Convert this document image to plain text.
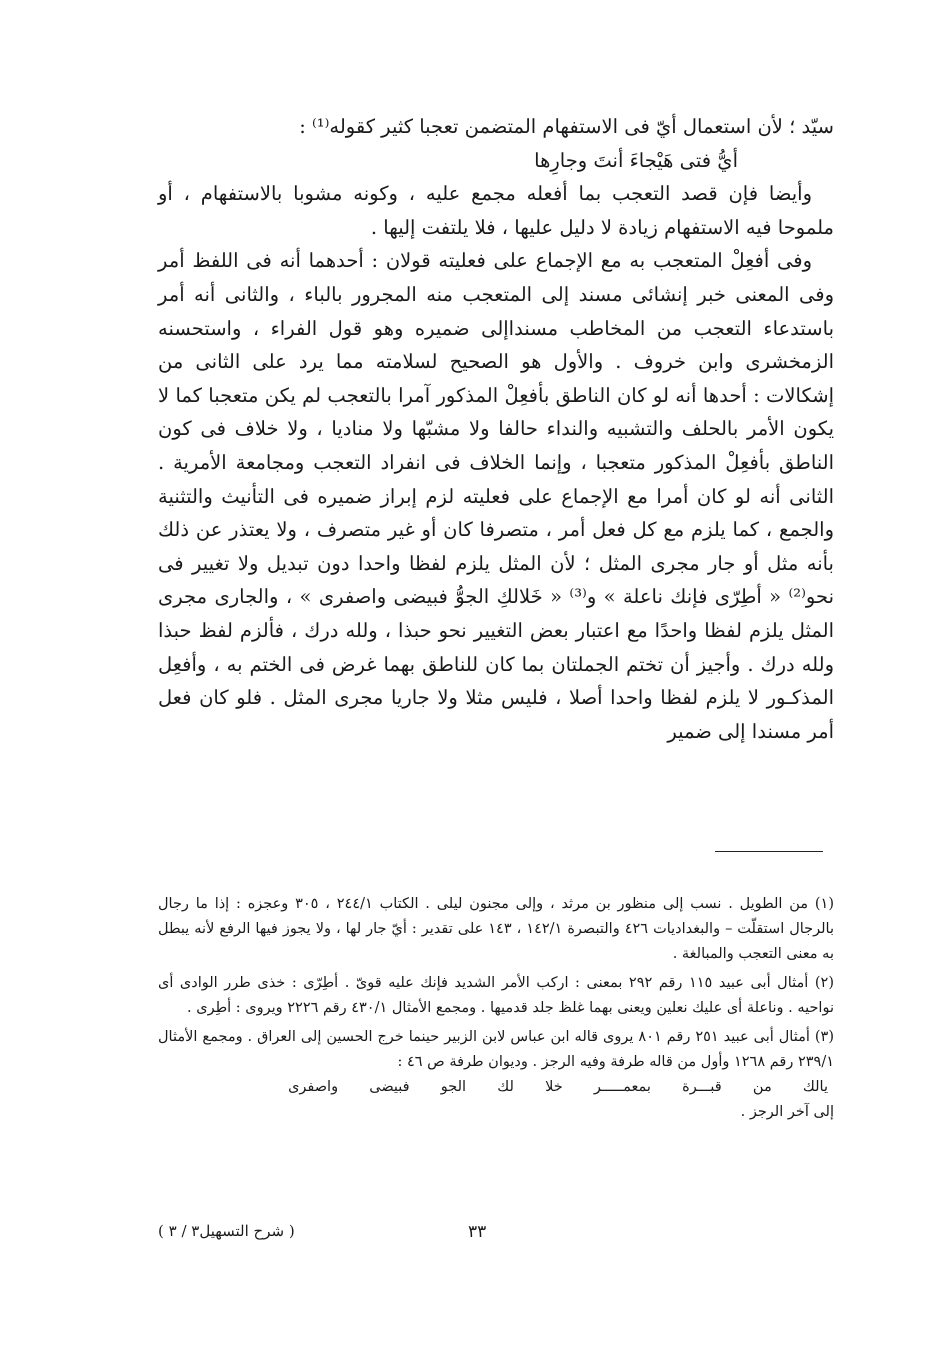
سيّد ؛ لأن استعمال أيّ فى الاستفهام المتضمن تعجبا كثير كقوله⁽¹⁾ :

أيُّ فتى هَيْجاءَ أنتَ وجارِها

وأيضا فإن قصد التعجب بما أفعله مجمع عليه ، وكونه مشوبا بالاستفهام ، أو ملموحا فيه الاستفهام زيادة لا دليل عليها ، فلا يلتفت إليها .

وفى أفعِلْ المتعجب به مع الإجماع على فعليته قولان : أحدهما أنه فى اللفظ أمر وفى المعنى خبر إنشائى مسند إلى المتعجب منه المجرور بالباء ، والثانى أنه أمر باستدعاء التعجب من المخاطب مسنداإلى ضميره وهو قول الفراء ، واستحسنه الزمخشرى وابن خروف . والأول هو الصحيح لسلامته مما يرد على الثانى من إشكالات : أحدها أنه لو كان الناطق بأفعِلْ المذكور آمرا بالتعجب لم يكن متعجبا كما لا يكون الأمر بالحلف والتشبيه والنداء حالفا ولا مشبّها ولا مناديا ، ولا خلاف فى كون الناطق بأفعِلْ المذكور متعجبا ، وإنما الخلاف فى انفراد التعجب ومجامعة الأمرية . الثانى أنه لو كان أمرا مع الإجماع على فعليته لزم إبراز ضميره فى التأنيث والتثنية والجمع ، كما يلزم مع كل فعل أمر ، متصرفا كان أو غير متصرف ، ولا يعتذر عن ذلك بأنه مثل أو جار مجرى المثل ؛ لأن المثل يلزم لفظا واحدا دون تبديل ولا تغيير فى نحو⁽²⁾ « أطِرّى فإنك ناعلة » و⁽³⁾ « خَلالكِ الجوُّ فبيضى واصفرى » ، والجارى مجرى المثل يلزم لفظا واحدًا مع اعتبار بعض التغيير نحو حبذا ، ولله درك ، فألزم لفظ حبذا ولله درك . وأجيز أن تختم الجملتان بما كان للناطق بهما غرض فى الختم به ، وأفعِل المذكـور لا يلزم لفظا واحدا أصلا ، فليس مثلا ولا جاريا مجرى المثل . فلو كان فعل أمر مسندا إلى ضمير

(١) من الطويل . نسب إلى منظور بن مرثد ، وإلى مجنون ليلى . الكتاب ٢٤٤/١ ، ٣٠٥ وعجزه : إذا ما رجال بالرجال استقلّت – والبغداديات ٤٢٦ والتبصرة ١٤٢/١ ، ١٤٣ على تقدير : أيّ جار لها ، ولا يجوز فيها الرفع لأنه يبطل به معنى التعجب والمبالغة .

(٢) أمثال أبى عبيد ١١٥ رقم ٢٩٢ بمعنى : اركب الأمر الشديد فإنك عليه قوىّ . أطِرّى : خذى طرر الوادى أى نواحيه . وناعلة أى عليك نعلين ويعنى بهما غلظ جلد قدميها . ومجمع الأمثال ٤٣٠/١ رقم ٢٢٢٦ ويروى : أطِرى .

(٣) أمثال أبى عبيد ٢٥١ رقم ٨٠١ يروى قاله ابن عباس لابن الزبير حينما خرج الحسين إلى العراق . ومجمع الأمثال ٢٣٩/١ رقم ١٢٦٨ وأول من قاله طرفة وفيه الرجز . وديوان طرفة ص ٤٦ :

يالك
من
قبـــرة
بمعمـــــر
خلا
لك
الجو
فبيضى
واصفرى

إلى آخر الرجز .

٣٣
( شرح التسهيل٣ / ٣ )
